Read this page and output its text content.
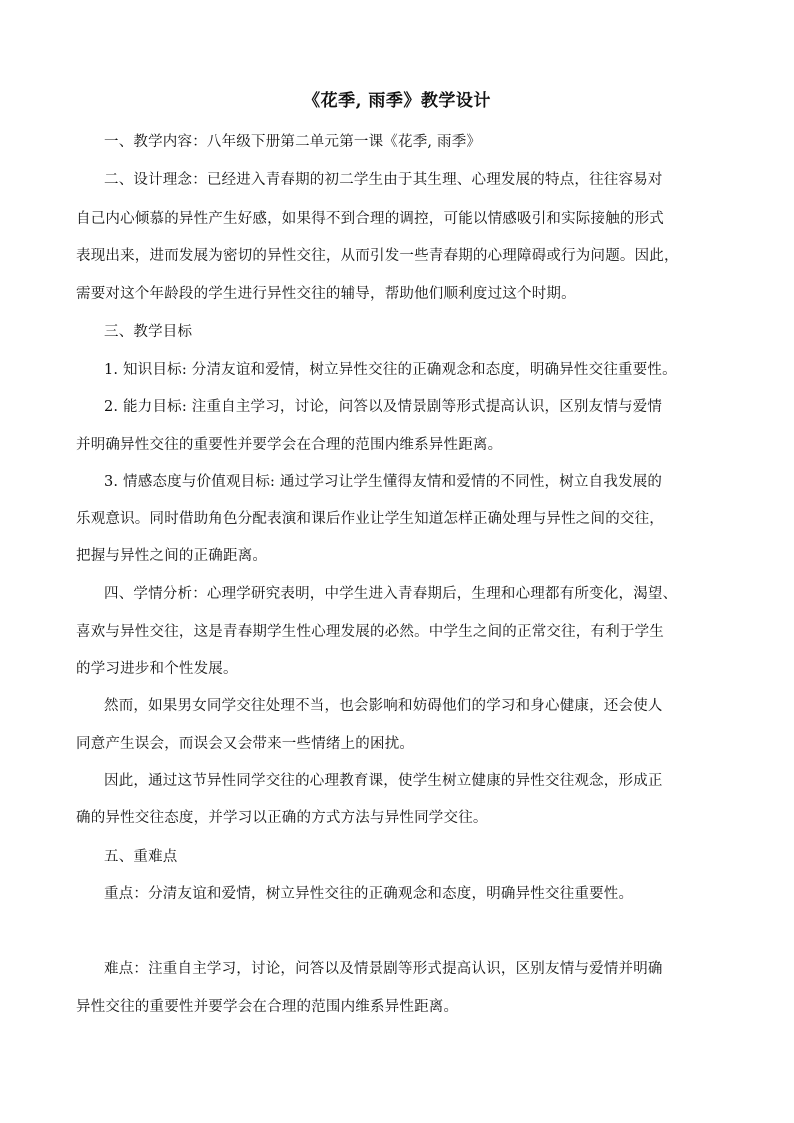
《花季, 雨季》教学设计
一、教学内容：八年级下册第二单元第一课《花季, 雨季》
二、设计理念：已经进入青春期的初二学生由于其生理、心理发展的特点，往往容易对
自己内心倾慕的异性产生好感，如果得不到合理的调控，可能以情感吸引和实际接触的形式
表现出来，进而发展为密切的异性交往，从而引发一些青春期的心理障碍或行为问题。因此，
需要对这个年龄段的学生进行异性交往的辅导，帮助他们顺利度过这个时期。
三、教学目标
1. 知识目标: 分清友谊和爱情，树立异性交往的正确观念和态度，明确异性交往重要性。
2. 能力目标: 注重自主学习，讨论，问答以及情景剧等形式提高认识，区别友情与爱情
并明确异性交往的重要性并要学会在合理的范围内维系异性距离。
3. 情感态度与价值观目标: 通过学习让学生懂得友情和爱情的不同性，树立自我发展的
乐观意识。同时借助角色分配表演和课后作业让学生知道怎样正确处理与异性之间的交往，
把握与异性之间的正确距离。
四、学情分析：心理学研究表明，中学生进入青春期后，生理和心理都有所变化，渴望、
喜欢与异性交往，这是青春期学生性心理发展的必然。中学生之间的正常交往，有利于学生
的学习进步和个性发展。
然而，如果男女同学交往处理不当，也会影响和妨碍他们的学习和身心健康，还会使人
同意产生误会，而误会又会带来一些情绪上的困扰。
因此，通过这节异性同学交往的心理教育课，使学生树立健康的异性交往观念，形成正
确的异性交往态度，并学习以正确的方式方法与异性同学交往。
五、重难点
重点：分清友谊和爱情，树立异性交往的正确观念和态度，明确异性交往重要性。
难点：注重自主学习，讨论，问答以及情景剧等形式提高认识，区别友情与爱情并明确
异性交往的重要性并要学会在合理的范围内维系异性距离。
